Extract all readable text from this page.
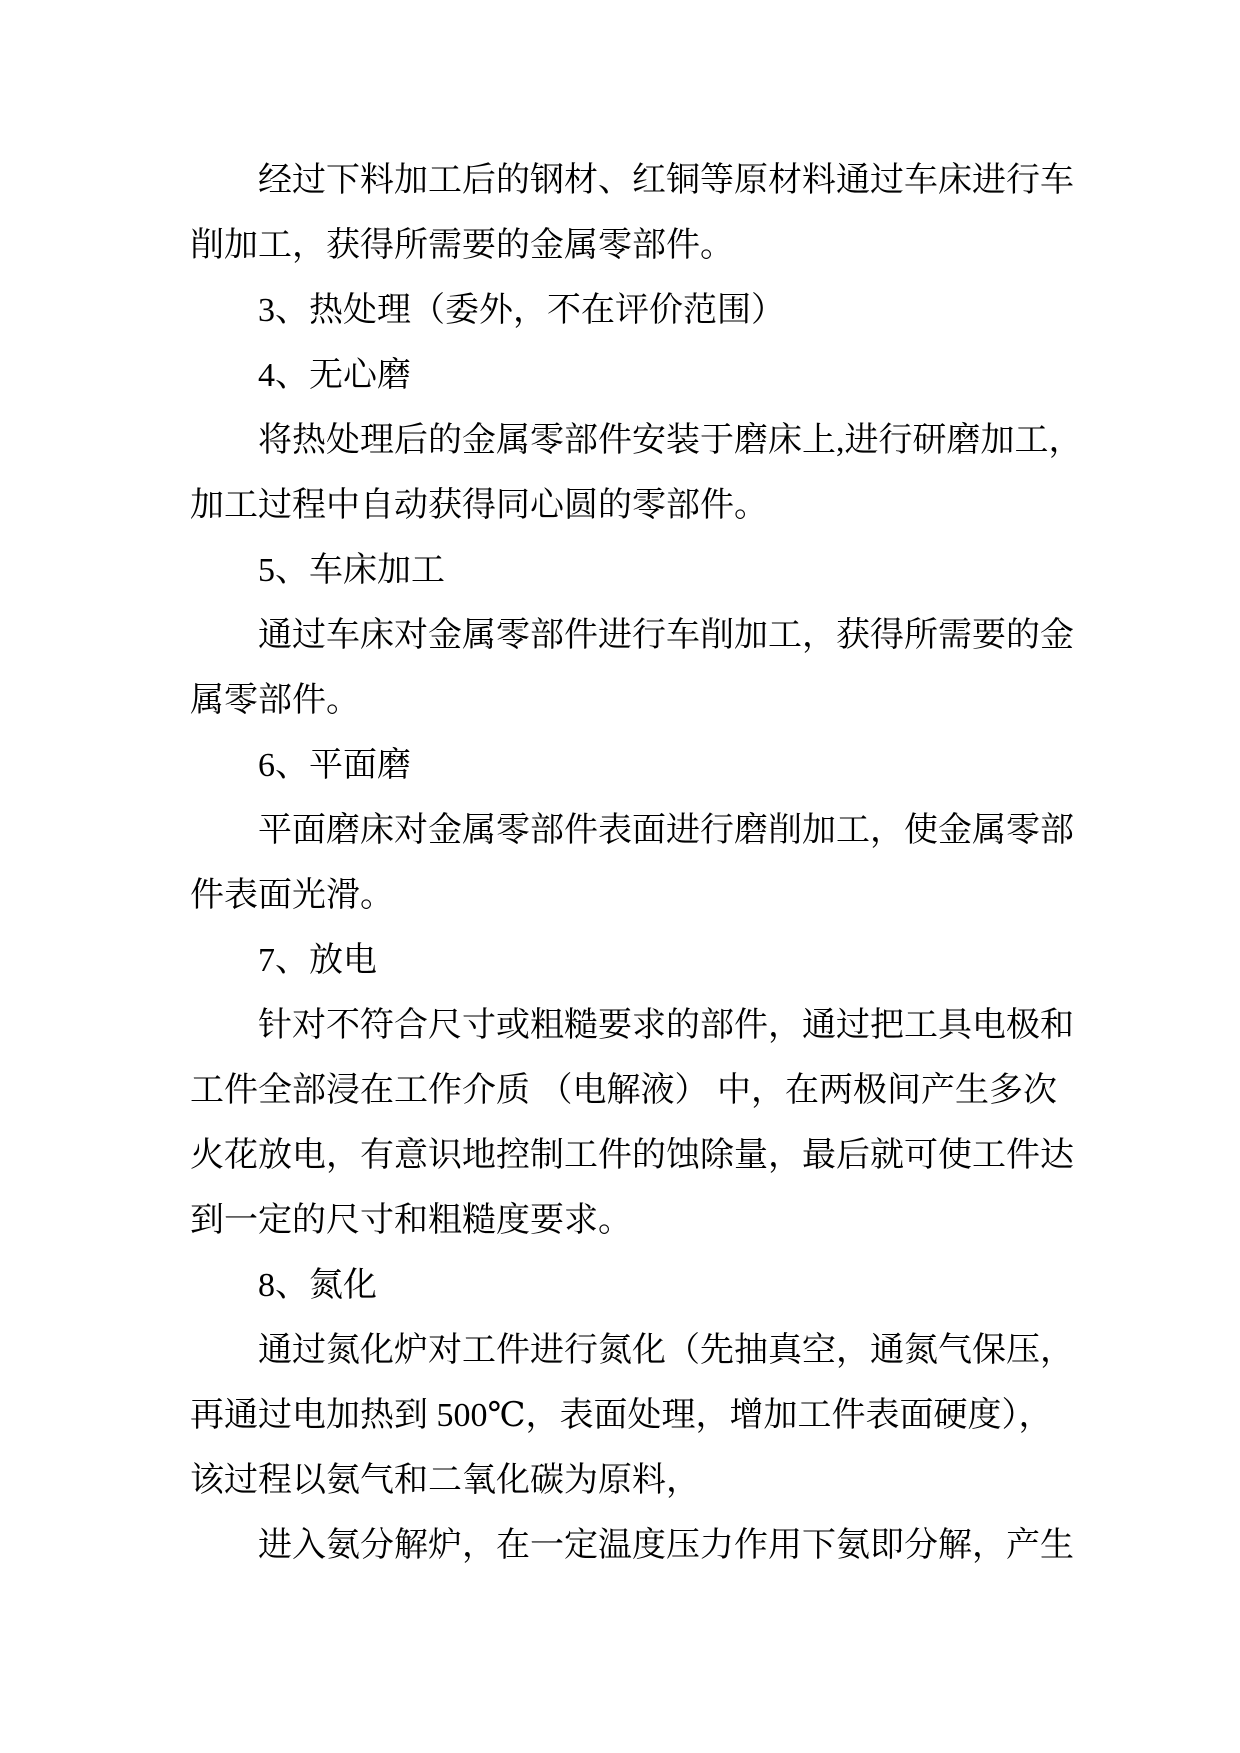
经过下料加工后的钢材、红铜等原材料通过车床进行车
削加工，获得所需要的金属零部件。
3、热处理（委外，不在评价范围）
4、无心磨
将热处理后的金属零部件安装于磨床上,进行研磨加工，
加工过程中自动获得同心圆的零部件。
5、车床加工
通过车床对金属零部件进行车削加工，获得所需要的金
属零部件。
6、平面磨
平面磨床对金属零部件表面进行磨削加工，使金属零部
件表面光滑。
7、放电
针对不符合尺寸或粗糙要求的部件，通过把工具电极和
工件全部浸在工作介质 （电解液） 中，在两极间产生多次
火花放电，有意识地控制工件的蚀除量，最后就可使工件达
到一定的尺寸和粗糙度要求。
8、氮化
通过氮化炉对工件进行氮化（先抽真空，通氮气保压，
再通过电加热到 500℃，表面处理，增加工件表面硬度），
该过程以氨气和二氧化碳为原料，
进入氨分解炉，在一定温度压力作用下氨即分解，产生
